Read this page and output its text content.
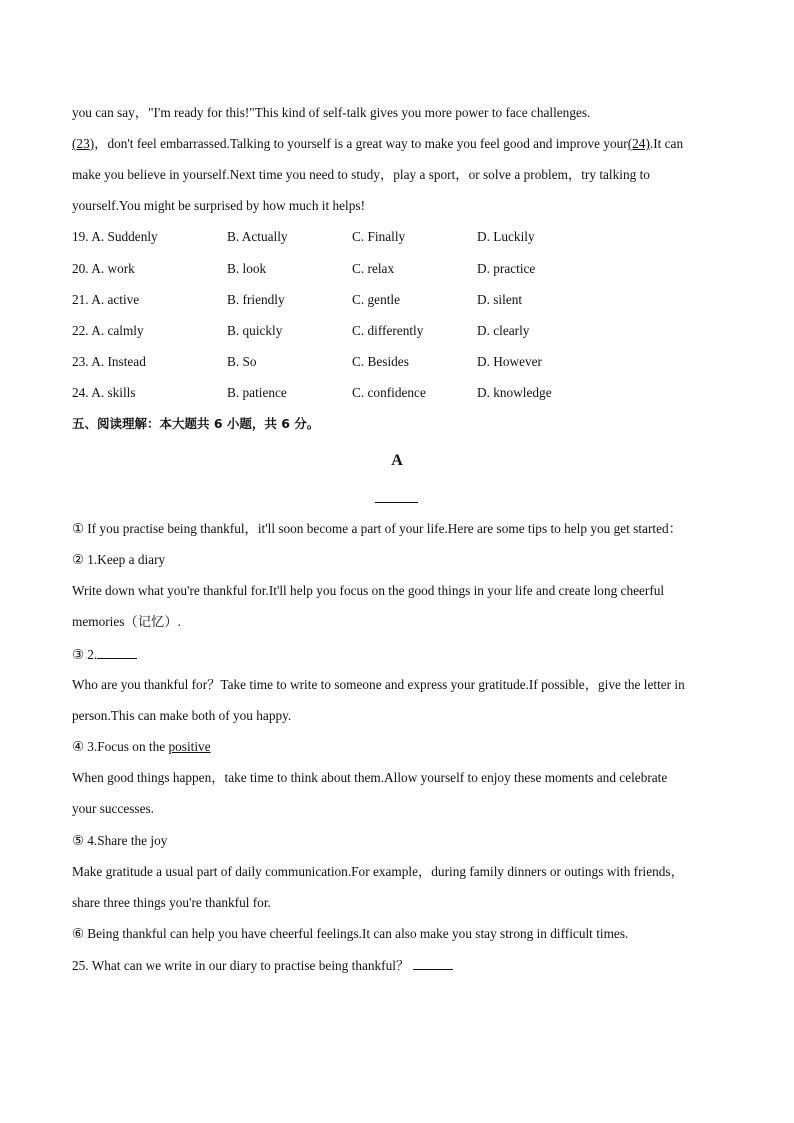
you can say，"I'm ready for this!"This kind of self-talk gives you more power to face challenges.
(23)，don't feel embarrassed.Talking to yourself is a great way to make you feel good and improve your(24).It can
make you believe in yourself.Next time you need to study，play a sport，or solve a problem，try talking to
yourself.You might be surprised by how much it helps!
19. A. Suddenly	B. Actually	C. Finally	D. Luckily
20. A. work	B. look	C. relax	D. practice
21. A. active	B. friendly	C. gentle	D. silent
22. A. calmly	B. quickly	C. differently	D. clearly
23. A. Instead	B. So	C. Besides	D. However
24. A. skills	B. patience	C. confidence	D. knowledge
五、阅读理解：本大题共 6 小题，共 6 分。
A
① If you practise being thankful，it'll soon become a part of your life.Here are some tips to help you get started：
② 1.Keep a diary
Write down what you're thankful for.It'll help you focus on the good things in your life and create long cheerful
memories（记忆）.
③ 2.
Who are you thankful for？Take time to write to someone and express your gratitude.If possible，give the letter in
person.This can make both of you happy.
④ 3.Focus on the positive
When good things happen，take time to think about them.Allow yourself to enjoy these moments and celebrate
your successes.
⑤ 4.Share the joy
Make gratitude a usual part of daily communication.For example，during family dinners or outings with friends，
share three things you're thankful for.
⑥ Being thankful can help you have cheerful feelings.It can also make you stay strong in difficult times.
25. What can we write in our diary to practise being thankful？
